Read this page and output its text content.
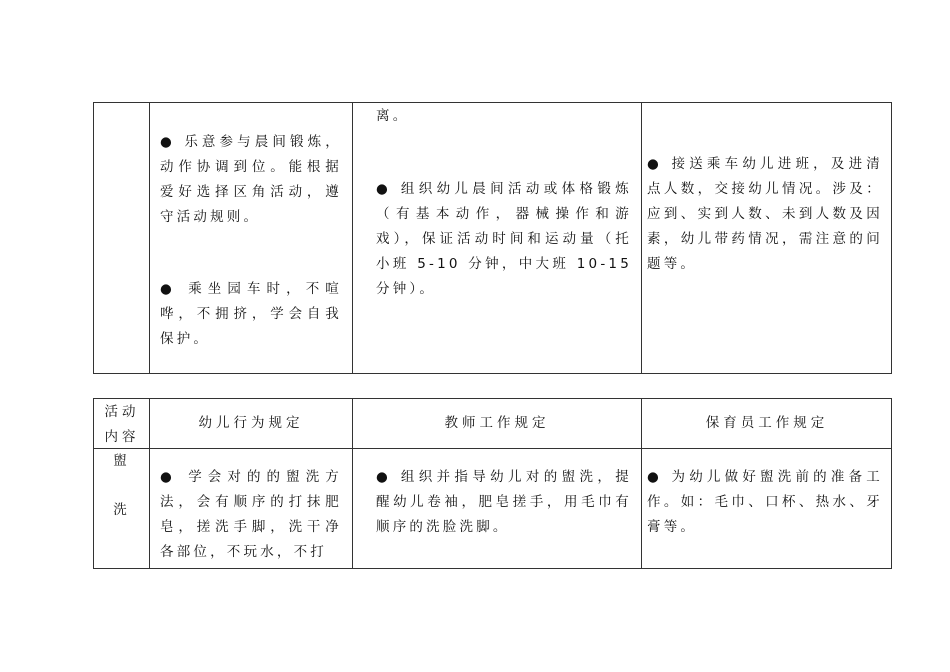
● 乐意参与晨间锻炼，动作协调到位。能根据爱好选择区角活动，遵守活动规则。
● 乘坐园车时，不喧哗，不拥挤，学会自我保护。
离。
● 组织幼儿晨间活动或体格锻炼（有基本动作，器械操作和游戏），保证活动时间和运动量（托小班 5-10 分钟，中大班 10-15 分钟）。
● 接送乘车幼儿进班，及进清点人数，交接幼儿情况。涉及：应到、实到人数、未到人数及因素，幼儿带药情况，需注意的问题等。
活动内容
幼儿行为规定	教师工作规定	保育员工作规定
盥
洗
● 学会对的的盥洗方法，会有顺序的打抹肥皂，搓洗手脚，洗干净各部位，不玩水，不打
● 组织并指导幼儿对的盥洗，提醒幼儿卷袖，肥皂搓手，用毛巾有顺序的洗脸洗脚。
● 为幼儿做好盥洗前的准备工作。如：毛巾、口杯、热水、牙膏等。
